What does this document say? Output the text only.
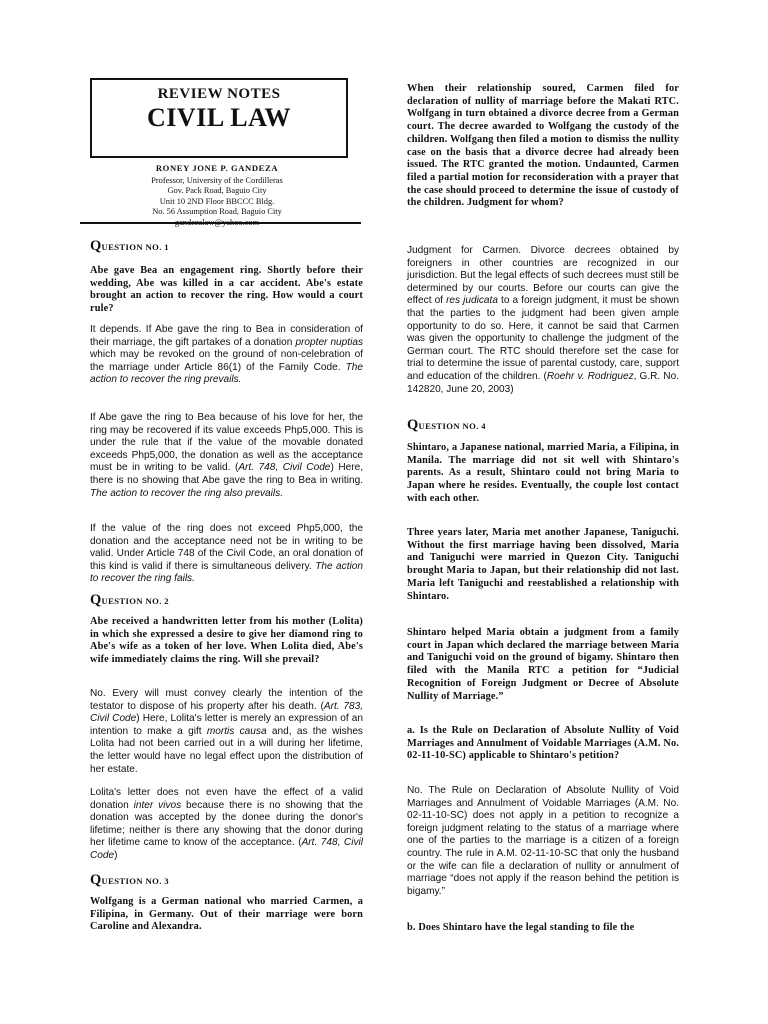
REVIEW NOTES
CIVIL LAW
RONEY JONE P. GANDEZA
Professor, University of the Cordilleras
Gov. Pack Road, Baguio City
Unit 10 2ND Floor BBCCC Bldg.
No. 56 Assumption Road, Baguio City
gandezalaw@yahoo.com
QUESTION NO. 1

Abe gave Bea an engagement ring. Shortly before their wedding, Abe was killed in a car accident. Abe's estate brought an action to recover the ring. How would a court rule?

It depends. If Abe gave the ring to Bea in consideration of their marriage, the gift partakes of a donation propter nuptias which may be revoked on the ground of non-celebration of the marriage under Article 86(1) of the Family Code. The action to recover the ring prevails.

If Abe gave the ring to Bea because of his love for her, the ring may be recovered if its value exceeds Php5,000. This is under the rule that if the value of the movable donated exceeds Php5,000, the donation as well as the acceptance must be in writing to be valid. (Art. 748, Civil Code) Here, there is no showing that Abe gave the ring to Bea in writing. The action to recover the ring also prevails.

If the value of the ring does not exceed Php5,000, the donation and the acceptance need not be in writing to be valid. Under Article 748 of the Civil Code, an oral donation of this kind is valid if there is simultaneous delivery. The action to recover the ring fails.

QUESTION NO. 2

Abe received a handwritten letter from his mother (Lolita) in which she expressed a desire to give her diamond ring to Abe's wife as a token of her love. When Lolita died, Abe's wife immediately claims the ring. Will she prevail?

No. Every will must convey clearly the intention of the testator to dispose of his property after his death. (Art. 783, Civil Code) Here, Lolita's letter is merely an expression of an intention to make a gift mortis causa and, as the wishes Lolita had not been carried out in a will during her lifetime, the letter would have no legal effect upon the distribution of her estate.

Lolita's letter does not even have the effect of a valid donation inter vivos because there is no showing that the donation was accepted by the donee during the donor's lifetime; neither is there any showing that the donor during her lifetime came to know of the acceptance. (Art. 748, Civil Code)

QUESTION NO. 3

Wolfgang is a German national who married Carmen, a Filipina, in Germany. Out of their marriage were born Caroline and Alexandra.

When their relationship soured, Carmen filed for declaration of nullity of marriage before the Makati RTC. Wolfgang in turn obtained a divorce decree from a German court. The decree awarded to Wolfgang the custody of the children. Wolfgang then filed a motion to dismiss the nullity case on the basis that a divorce decree had already been issued. The RTC granted the motion. Undaunted, Carmen filed a partial motion for reconsideration with a prayer that the case should proceed to determine the issue of custody of the children. Judgment for whom?

Judgment for Carmen. Divorce decrees obtained by foreigners in other countries are recognized in our jurisdiction. But the legal effects of such decrees must still be determined by our courts. Before our courts can give the effect of res judicata to a foreign judgment, it must be shown that the parties to the judgment had been given ample opportunity to do so. Here, it cannot be said that Carmen was given the opportunity to challenge the judgment of the German court. The RTC should therefore set the case for trial to determine the issue of parental custody, care, support and education of the children. (Roehr v. Rodriguez, G.R. No. 142820, June 20, 2003)

QUESTION NO. 4

Shintaro, a Japanese national, married Maria, a Filipina, in Manila. The marriage did not sit well with Shintaro's parents. As a result, Shintaro could not bring Maria to Japan where he resides. Eventually, the couple lost contact with each other.

Three years later, Maria met another Japanese, Taniguchi. Without the first marriage having been dissolved, Maria and Taniguchi were married in Quezon City. Taniguchi brought Maria to Japan, but their relationship did not last. Maria left Taniguchi and reestablished a relationship with Shintaro.

Shintaro helped Maria obtain a judgment from a family court in Japan which declared the marriage between Maria and Taniguchi void on the ground of bigamy. Shintaro then filed with the Manila RTC a petition for “Judicial Recognition of Foreign Judgment or Decree of Absolute Nullity of Marriage.”

a. Is the Rule on Declaration of Absolute Nullity of Void Marriages and Annulment of Voidable Marriages (A.M. No. 02-11-10-SC) applicable to Shintaro's petition?

No. The Rule on Declaration of Absolute Nullity of Void Marriages and Annulment of Voidable Marriages (A.M. No. 02-11-10-SC) does not apply in a petition to recognize a foreign judgment relating to the status of a marriage where one of the parties to the marriage is a citizen of a foreign country. The rule in A.M. 02-11-10-SC that only the husband or the wife can file a declaration of nullity or annulment of marriage “does not apply if the reason behind the petition is bigamy.”

b. Does Shintaro have the legal standing to file the
